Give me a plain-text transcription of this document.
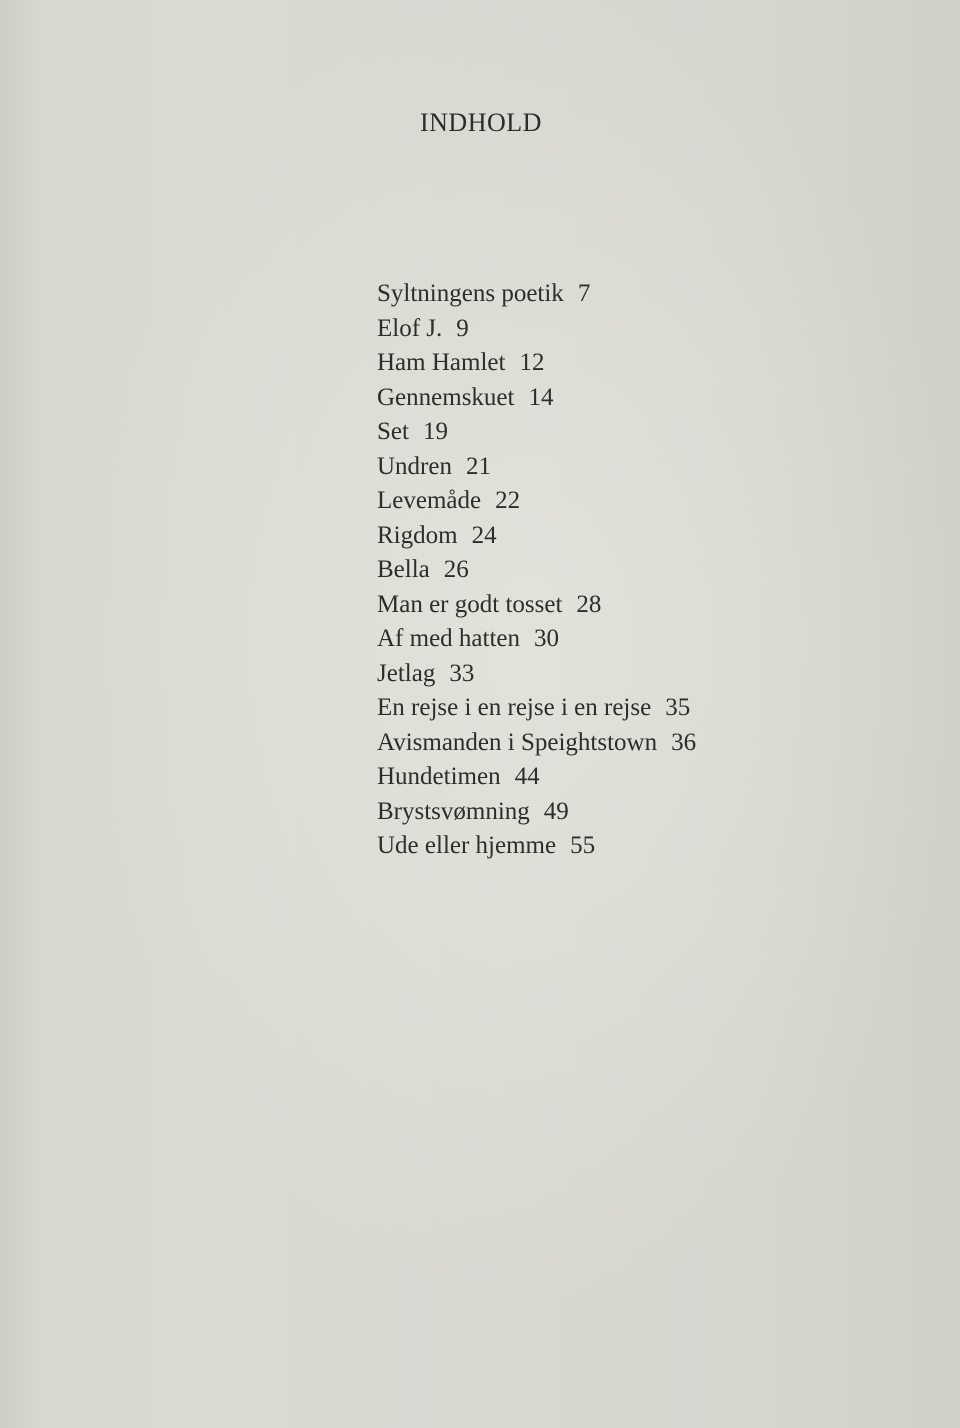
INDHOLD
Syltningens poetik 7
Elof J. 9
Ham Hamlet 12
Gennemskuet 14
Set 19
Undren 21
Levemåde 22
Rigdom 24
Bella 26
Man er godt tosset 28
Af med hatten 30
Jetlag 33
En rejse i en rejse i en rejse 35
Avismanden i Speightstown 36
Hundetimen 44
Brystsvømning 49
Ude eller hjemme 55
